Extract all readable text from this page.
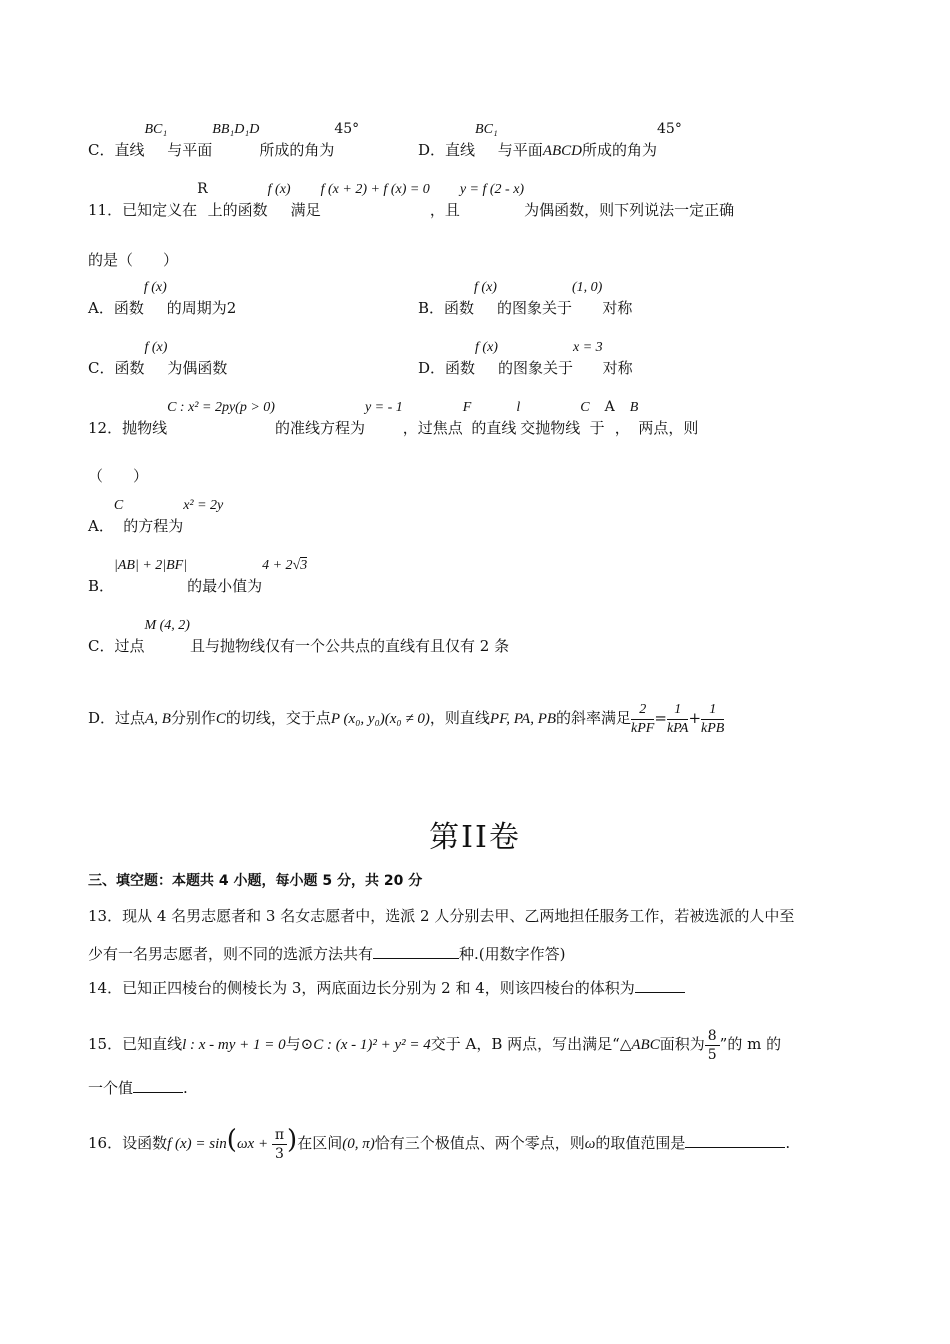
C．直线BC₁与平面BB₁D₁D所成的角为45°
D．直线BC₁与平面ABCD所成的角为45°
11．已知定义在R上的函数f (x)满足f (x + 2) + f (x) = 0，且y = f (2 - x)为偶函数，则下列说法一定正确
的是（　　）
A．函数f (x)的周期为2	B．函数f (x)的图象关于(1, 0)对称
C．函数f (x)为偶函数	D．函数f (x)的图象关于x = 3对称
12．抛物线C : x² = 2py(p > 0)的准线方程为y = - 1，过焦点F的直线l交抛物线C于A，B两点，则
（　　）
A．C的方程为x² = 2y
B．|AB| + 2|BF|的最小值为4 + 2√3
C．过点M (4, 2)且与抛物线仅有一个公共点的直线有且仅有 2 条
D．过点A, B分别作C的切线，交于点P (x₀, y₀)(x₀ ≠ 0)，则直线PF, PA, PB的斜率满足 $\frac{2}{\text{kPF}} = \frac{1}{\text{kPA}} + \frac{1}{\text{kPB}}$
第II卷
三、填空题：本题共 4 小题，每小题 5 分，共 20 分
13．现从 4 名男志愿者和 3 名女志愿者中，选派 2 人分别去甲、乙两地担任服务工作，若被选派的人中至
少有一名男志愿者，则不同的选派方法共有	种.(用数字作答)
14．已知正四棱台的侧棱长为 3，两底面边长分别为 2 和 4，则该四棱台的体积为
15．已知直线l : x - my + 1 = 0与⊙C : (x - 1)² + y² = 4交于 A，B 两点，写出满足“△ABC面积为 $\frac{8}{5}$ ”的 m 的
一个值	.
16．设函数f $(x) = \sin(\omega x + \frac{\pi}{3}$ )在区间(0, π)恰有三个极值点、两个零点，则ω的取值范围是	.
